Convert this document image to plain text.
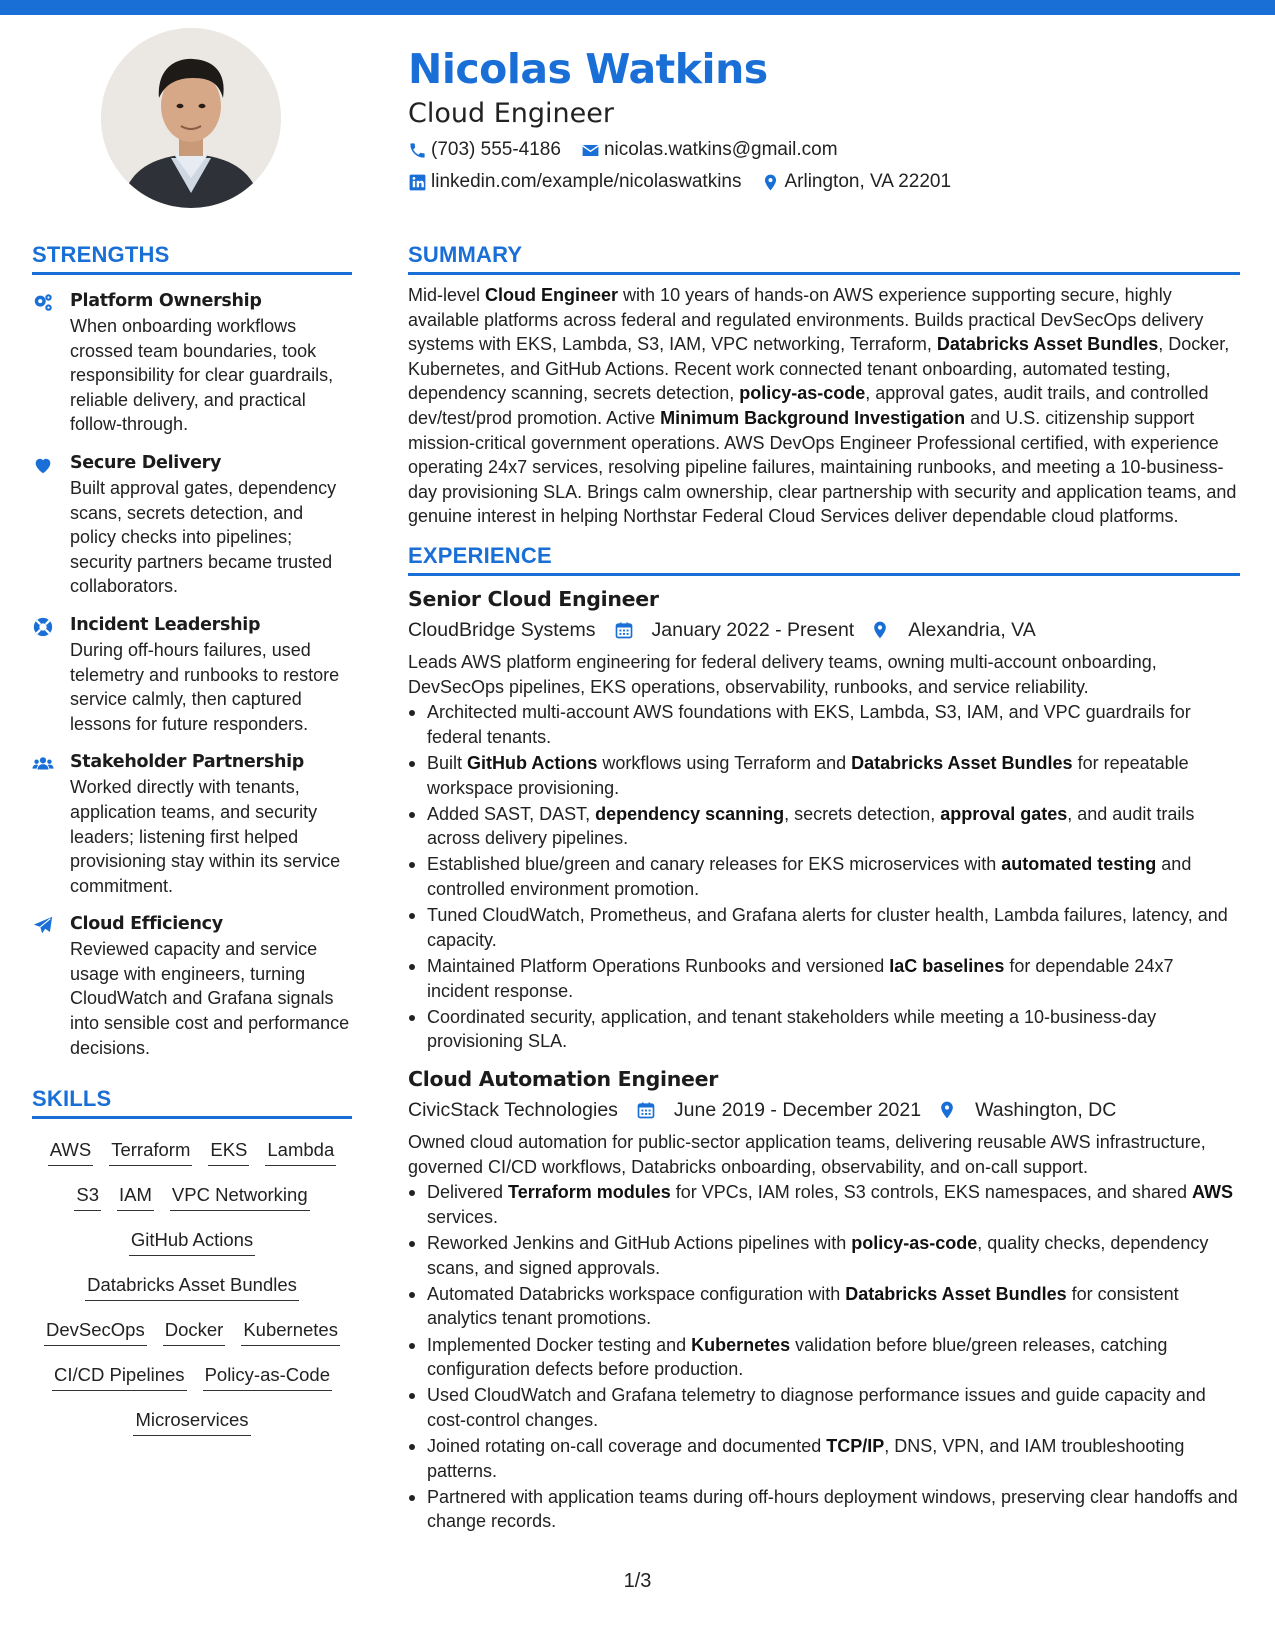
Nicolas Watkins
Cloud Engineer
(703) 555-4186 nicolas.watkins@gmail.com
linkedin.com/example/nicolaswatkins Arlington, VA 22201
STRENGTHS
Platform Ownership
When onboarding workflows crossed team boundaries, took responsibility for clear guardrails, reliable delivery, and practical follow-through.
Secure Delivery
Built approval gates, dependency scans, secrets detection, and policy checks into pipelines; security partners became trusted collaborators.
Incident Leadership
During off-hours failures, used telemetry and runbooks to restore service calmly, then captured lessons for future responders.
Stakeholder Partnership
Worked directly with tenants, application teams, and security leaders; listening first helped provisioning stay within its service commitment.
Cloud Efficiency
Reviewed capacity and service usage with engineers, turning CloudWatch and Grafana signals into sensible cost and performance decisions.
SKILLS
AWS Terraform EKS Lambda
S3 IAM VPC Networking
GitHub Actions
Databricks Asset Bundles
DevSecOps Docker Kubernetes
CI/CD Pipelines Policy-as-Code
Microservices
SUMMARY
Mid-level Cloud Engineer with 10 years of hands-on AWS experience supporting secure, highly available platforms across federal and regulated environments. Builds practical DevSecOps delivery systems with EKS, Lambda, S3, IAM, VPC networking, Terraform, Databricks Asset Bundles, Docker, Kubernetes, and GitHub Actions. Recent work connected tenant onboarding, automated testing, dependency scanning, secrets detection, policy-as-code, approval gates, audit trails, and controlled dev/test/prod promotion. Active Minimum Background Investigation and U.S. citizenship support mission-critical government operations. AWS DevOps Engineer Professional certified, with experience operating 24x7 services, resolving pipeline failures, maintaining runbooks, and meeting a 10-business-day provisioning SLA. Brings calm ownership, clear partnership with security and application teams, and genuine interest in helping Northstar Federal Cloud Services deliver dependable cloud platforms.
EXPERIENCE
Senior Cloud Engineer
CloudBridge Systems	January 2022 - Present	Alexandria, VA
Leads AWS platform engineering for federal delivery teams, owning multi-account onboarding, DevSecOps pipelines, EKS operations, observability, runbooks, and service reliability.
Architected multi-account AWS foundations with EKS, Lambda, S3, IAM, and VPC guardrails for federal tenants.
Built GitHub Actions workflows using Terraform and Databricks Asset Bundles for repeatable workspace provisioning.
Added SAST, DAST, dependency scanning, secrets detection, approval gates, and audit trails across delivery pipelines.
Established blue/green and canary releases for EKS microservices with automated testing and controlled environment promotion.
Tuned CloudWatch, Prometheus, and Grafana alerts for cluster health, Lambda failures, latency, and capacity.
Maintained Platform Operations Runbooks and versioned IaC baselines for dependable 24x7 incident response.
Coordinated security, application, and tenant stakeholders while meeting a 10-business-day provisioning SLA.
Cloud Automation Engineer
CivicStack Technologies	June 2019 - December 2021	Washington, DC
Owned cloud automation for public-sector application teams, delivering reusable AWS infrastructure, governed CI/CD workflows, Databricks onboarding, observability, and on-call support.
Delivered Terraform modules for VPCs, IAM roles, S3 controls, EKS namespaces, and shared AWS services.
Reworked Jenkins and GitHub Actions pipelines with policy-as-code, quality checks, dependency scans, and signed approvals.
Automated Databricks workspace configuration with Databricks Asset Bundles for consistent analytics tenant promotions.
Implemented Docker testing and Kubernetes validation before blue/green releases, catching configuration defects before production.
Used CloudWatch and Grafana telemetry to diagnose performance issues and guide capacity and cost-control changes.
Joined rotating on-call coverage and documented TCP/IP, DNS, VPN, and IAM troubleshooting patterns.
Partnered with application teams during off-hours deployment windows, preserving clear handoffs and change records.
1/3
